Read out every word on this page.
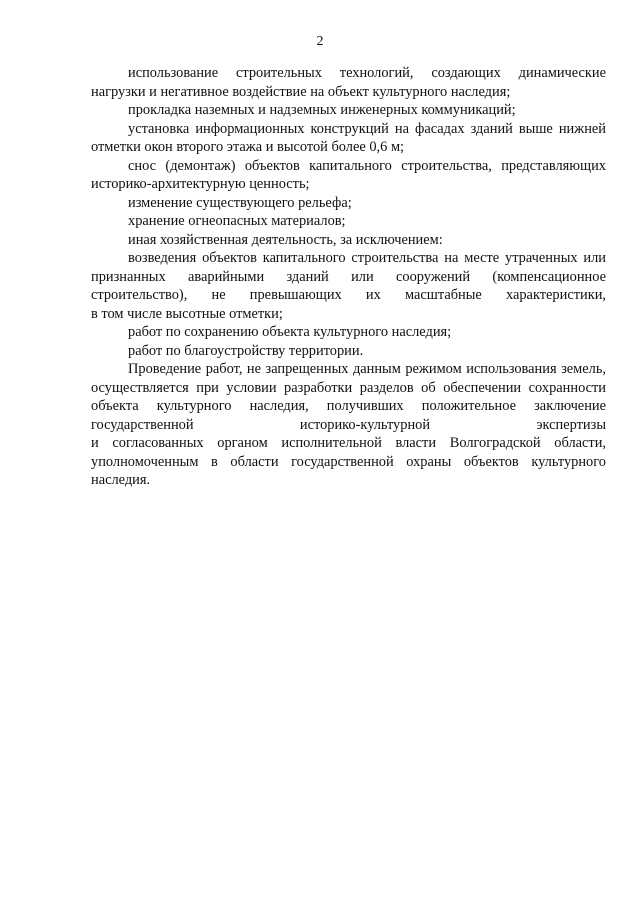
2

использование строительных технологий, создающих динамические нагрузки и негативное воздействие на объект культурного наследия;

прокладка наземных и надземных инженерных коммуникаций;

установка информационных конструкций на фасадах зданий выше нижней отметки окон второго этажа и высотой более 0,6 м;

снос (демонтаж) объектов капитального строительства, представляющих историко-архитектурную ценность;

изменение существующего рельефа;

хранение огнеопасных материалов;

иная хозяйственная деятельность, за исключением:

возведения объектов капитального строительства на месте утраченных или признанных аварийными зданий или сооружений (компенсационное строительство), не превышающих их масштабные характеристики,

в том числе высотные отметки;

работ по сохранению объекта культурного наследия;

работ по благоустройству территории.

Проведение работ, не запрещенных данным режимом использования земель, осуществляется при условии разработки разделов об обеспечении сохранности объекта культурного наследия, получивших положительное заключение государственной историко-культурной экспертизы

и согласованных органом исполнительной власти Волгоградской области, уполномоченным в области государственной охраны объектов культурного наследия.
